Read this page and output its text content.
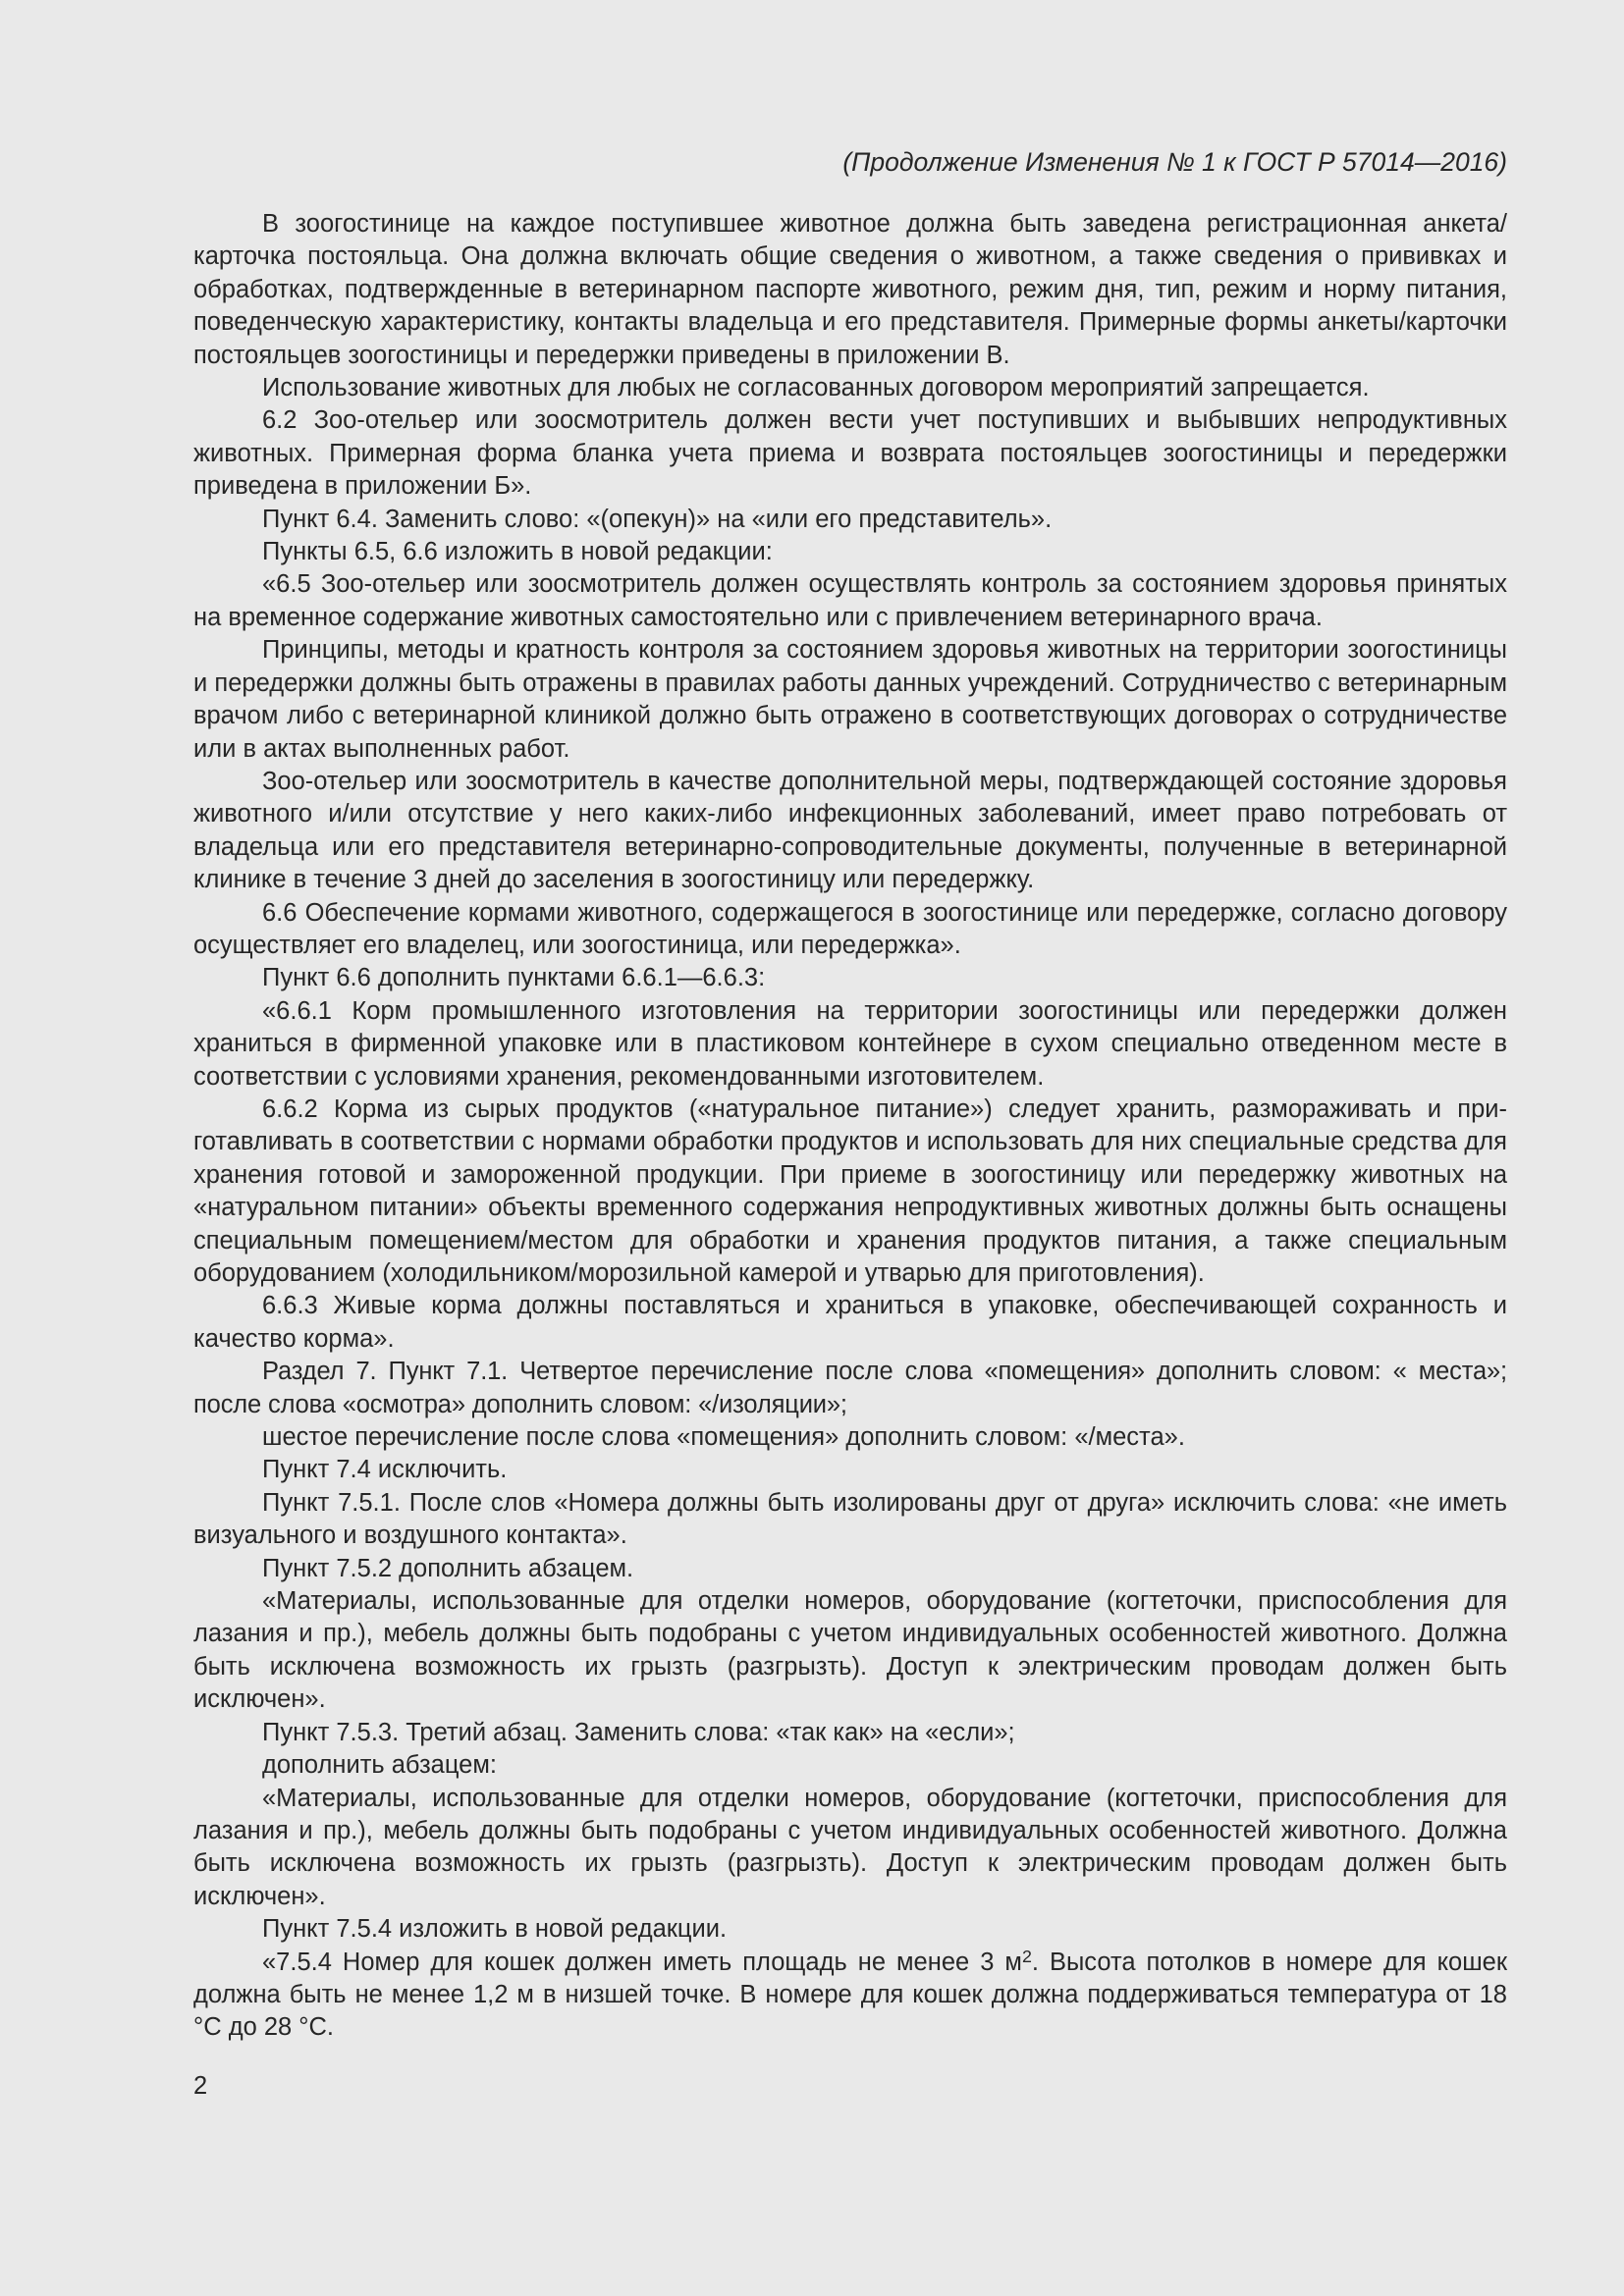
(Продолжение Изменения № 1 к ГОСТ Р 57014—2016)

В зоогостинице на каждое поступившее животное должна быть заведена регистрационная анкета/карточка постояльца. Она должна включать общие сведения о животном, а также сведения о прививках и обработках, подтвержденные в ветеринарном паспорте животного, режим дня, тип, режим и норму питания, поведенческую характеристику, контакты владельца и его представителя. Примерные формы анкеты/карточки постояльцев зоогостиницы и передержки приведены в приложении В.

Использование животных для любых не согласованных договором мероприятий запрещается.

6.2 Зоо-отельер или зоосмотритель должен вести учет поступивших и выбывших непродуктивных животных. Примерная форма бланка учета приема и возврата постояльцев зоогостиницы и передержки приведена в приложении Б».

Пункт 6.4. Заменить слово: «(опекун)» на «или его представитель».

Пункты 6.5, 6.6 изложить в новой редакции:

«6.5 Зоо-отельер или зоосмотритель должен осуществлять контроль за состоянием здоровья принятых на временное содержание животных самостоятельно или с привлечением ветеринарного врача.

Принципы, методы и кратность контроля за состоянием здоровья животных на территории зоогостиницы и передержки должны быть отражены в правилах работы данных учреждений. Сотрудничество с ветеринарным врачом либо с ветеринарной клиникой должно быть отражено в соответствующих договорах о сотрудничестве или в актах выполненных работ.

Зоо-отельер или зоосмотритель в качестве дополнительной меры, подтверждающей состояние здоровья животного и/или отсутствие у него каких-либо инфекционных заболеваний, имеет право потребовать от владельца или его представителя ветеринарно-сопроводительные документы, полученные в ветеринарной клинике в течение 3 дней до заселения в зоогостиницу или передержку.

6.6 Обеспечение кормами животного, содержащегося в зоогостинице или передержке, согласно договору осуществляет его владелец, или зоогостиница, или передержка».

Пункт 6.6 дополнить пунктами 6.6.1—6.6.3:

«6.6.1 Корм промышленного изготовления на территории зоогостиницы или передержки должен храниться в фирменной упаковке или в пластиковом контейнере в сухом специально отведенном месте в соответствии с условиями хранения, рекомендованными изготовителем.

6.6.2 Корма из сырых продуктов («натуральное питание») следует хранить, размораживать и приготавливать в соответствии с нормами обработки продуктов и использовать для них специальные средства для хранения готовой и замороженной продукции. При приеме в зоогостиницу или передержку животных на «натуральном питании» объекты временного содержания непродуктивных животных должны быть оснащены специальным помещением/местом для обработки и хранения продуктов питания, а также специальным оборудованием (холодильником/морозильной камерой и утварью для приготовления).

6.6.3 Живые корма должны поставляться и храниться в упаковке, обеспечивающей сохранность и качество корма».

Раздел 7. Пункт 7.1. Четвертое перечисление после слова «помещения» дополнить словом: « места»; после слова «осмотра» дополнить словом: «/изоляции»;

шестое перечисление после слова «помещения» дополнить словом: «/места».

Пункт 7.4 исключить.

Пункт 7.5.1. После слов «Номера должны быть изолированы друг от друга» исключить слова: «не иметь визуального и воздушного контакта».

Пункт 7.5.2 дополнить абзацем.

«Материалы, использованные для отделки номеров, оборудование (когтеточки, приспособления для лазания и пр.), мебель должны быть подобраны с учетом индивидуальных особенностей животного. Должна быть исключена возможность их грызть (разгрызть). Доступ к электрическим проводам должен быть исключен».

Пункт 7.5.3. Третий абзац. Заменить слова: «так как» на «если»;

дополнить абзацем:

«Материалы, использованные для отделки номеров, оборудование (когтеточки, приспособления для лазания и пр.), мебель должны быть подобраны с учетом индивидуальных особенностей животного. Должна быть исключена возможность их грызть (разгрызть). Доступ к электрическим проводам должен быть исключен».

Пункт 7.5.4 изложить в новой редакции.

«7.5.4 Номер для кошек должен иметь площадь не менее 3 $м^2$. Высота потолков в номере для кошек должна быть не менее 1,2 м в низшей точке. В номере для кошек должна поддерживаться температура от 18 °С до 28 °С.

2
